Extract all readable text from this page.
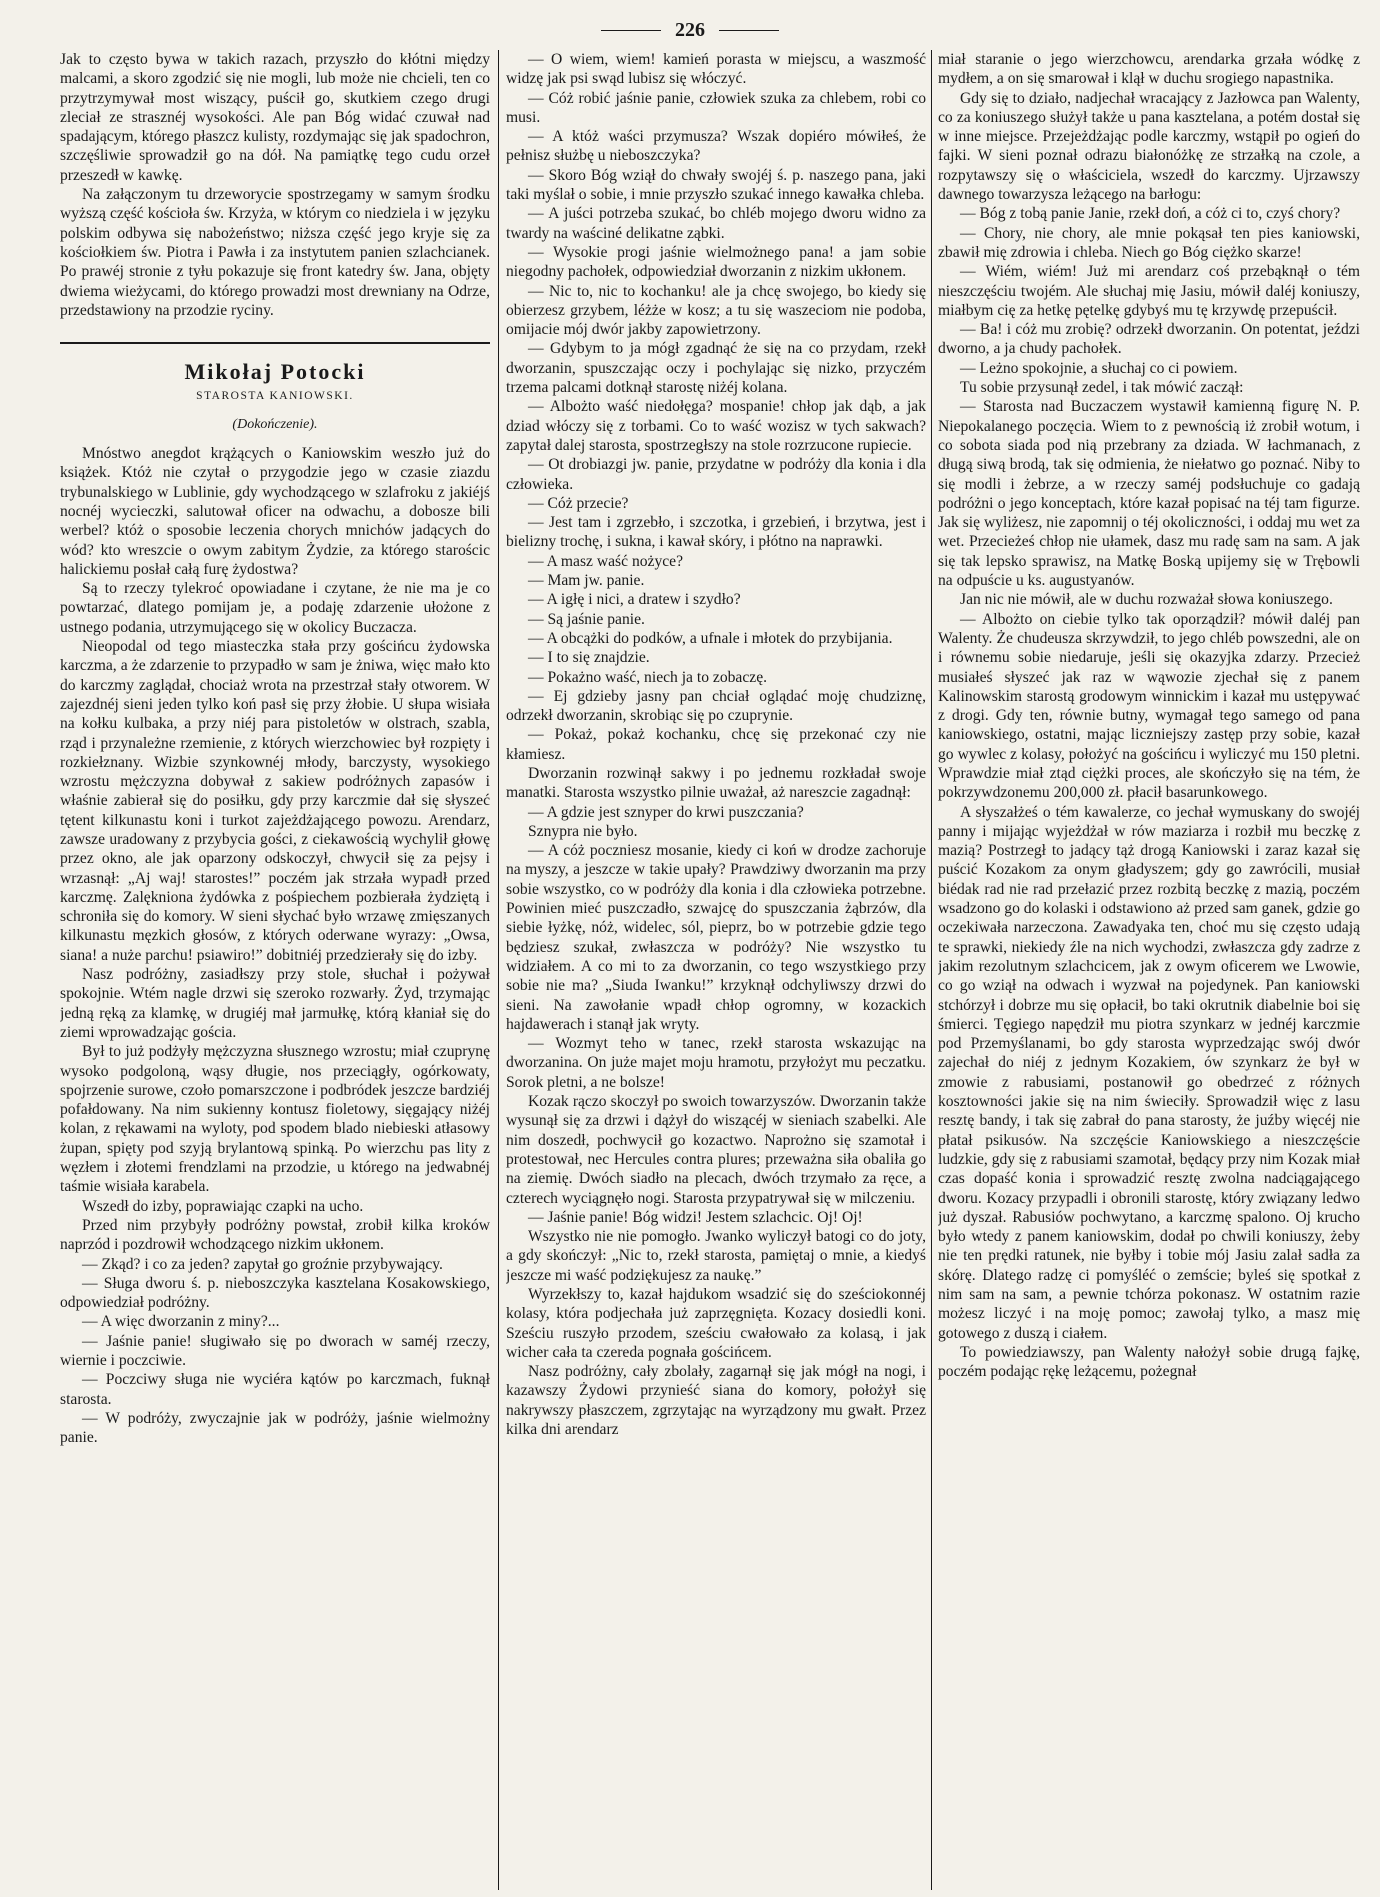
226

Jak to często bywa w takich razach, przyszło do kłótni między malcami, a skoro zgodzić się nie mogli, lub może nie chcieli, ten co przytrzymywał most wiszący, puścił go, skutkiem czego drugi zleciał ze strasznéj wysokości. Ale pan Bóg widać czuwał nad spadającym, którego płaszcz kulisty, rozdymając się jak spadochron, szczęśliwie sprowadził go na dół. Na pamiątkę tego cudu orzeł przeszedł w kawkę.

Na załączonym tu drzeworycie spostrzegamy w samym środku wyższą część kościoła św. Krzyża, w którym co niedziela i w języku polskim odbywa się nabożeństwo; niższa część jego kryje się za kościołkiem św. Piotra i Pawła i za instytutem panien szlachcianek. Po prawéj stronie z tyłu pokazuje się front katedry św. Jana, objęty dwiema wieżycami, do którego prowadzi most drewniany na Odrze, przedstawiony na przodzie ryciny.

Mikołaj Potocki
STAROSTA KANIOWSKI.
(Dokończenie).

Mnóstwo anegdot krążących o Kaniowskim weszło już do książek. Któż nie czytał o przygodzie jego w czasie ziazdu trybunalskiego w Lublinie, gdy wychodzącego w szlafroku z jakiéjś nocnéj wycieczki, salutował oficer na odwachu, a dobosze bili werbel? któż o sposobie leczenia chorych mnichów jadących do wód? kto wreszcie o owym zabitym Żydzie, za którego starościc halickiemu posłał całą furę żydostwa?

Są to rzeczy tylekroć opowiadane i czytane, że nie ma je co powtarzać, dlatego pomijam je, a podaję zdarzenie ułożone z ustnego podania, utrzymującego się w okolicy Buczacza.

Nieopodal od tego miasteczka stała przy gościńcu żydowska karczma, a że zdarzenie to przypadło w sam je żniwa, więc mało kto do karczmy zaglądał, chociaż wrota na przestrzał stały otworem. W zajezdnéj sieni jeden tylko koń pasł się przy żłobie. U słupa wisiała na kołku kulbaka, a przy niéj para pistoletów w olstrach, szabla, rząd i przynależne rzemienie, z których wierzchowiec był rozpięty i rozkiełznany. Wizbie szynkownéj młody, barczysty, wysokiego wzrostu mężczyzna dobywał z sakiew podróżnych zapasów i właśnie zabierał się do posiłku, gdy przy karczmie dał się słyszeć tętent kilkunastu koni i turkot zajeżdżającego powozu. Arendarz, zawsze uradowany z przybycia gości, z ciekawością wychylił głowę przez okno, ale jak oparzony odskoczył, chwycił się za pejsy i wrzasnął: „Aj waj! starostes!” poczém jak strzała wypadł przed karczmę. Zalękniona żydówka z pośpiechem pozbierała żydziętą i schroniła się do komory. W sieni słychać było wrzawę zmięszanych kilkunastu męzkich głosów, z których oderwane wyrazy: „Owsa, siana! a nuże parchu! psiawiro!” dobitniéj przedzierały się do izby.

Nasz podróżny, zasiadłszy przy stole, słuchał i pożywał spokojnie. Wtém nagle drzwi się szeroko rozwarły. Żyd, trzymając jedną ręką za klamkę, w drugiéj mał jarmułkę, którą kłaniał się do ziemi wprowadzając gościa.

Był to już podżyły mężczyzna słusznego wzrostu; miał czuprynę wysoko podgoloną, wąsy długie, nos przeciągły, ogórkowaty, spojrzenie surowe, czoło pomarszczone i podbródek jeszcze bardziéj pofałdowany. Na nim sukienny kontusz fioletowy, sięgający niżéj kolan, z rękawami na wyloty, pod spodem blado niebieski atłasowy żupan, spięty pod szyją brylantową spinką. Po wierzchu pas lity z węzłem i złotemi frendzlami na przodzie, u którego na jedwabnéj taśmie wisiała karabela.

Wszedł do izby, poprawiając czapki na ucho.

Przed nim przybyły podróżny powstał, zrobił kilka kroków naprzód i pozdrowił wchodzącego nizkim ukłonem.

— Zkąd? i co za jeden? zapytał go groźnie przybywający.

— Sługa dworu ś. p. nieboszczyka kasztelana Kosakowskiego, odpowiedział podróżny.

— A więc dworzanin z miny?...

— Jaśnie panie! sługiwało się po dworach w saméj rzeczy, wiernie i poczciwie.

— Poczciwy sługa nie wyciéra kątów po karczmach, fuknął starosta.

— W podróży, zwyczajnie jak w podróży, jaśnie wielmożny panie.

— O wiem, wiem! kamień porasta w miejscu, a waszmość widzę jak psi swąd lubisz się włóczyć.

— Cóż robić jaśnie panie, człowiek szuka za chlebem, robi co musi.

— A któż waści przymusza? Wszak dopiéro mówiłeś, że pełnisz służbę u nieboszczyka?

— Skoro Bóg wziął do chwały swojéj ś. p. naszego pana, jaki taki myślał o sobie, i mnie przyszło szukać innego kawałka chleba.

— A juści potrzeba szukać, bo chléb mojego dworu widno za twardy na waściné delikatne ząbki.

— Wysokie progi jaśnie wielmożnego pana! a jam sobie niegodny pachołek, odpowiedział dworzanin z nizkim ukłonem.

— Nic to, nic to kochanku! ale ja chcę swojego, bo kiedy się obierzesz grzybem, léżże w kosz; a tu się waszeciom nie podoba, omijacie mój dwór jakby zapowietrzony.

— Gdybym to ja mógł zgadnąć że się na co przydam, rzekł dworzanin, spuszczając oczy i pochylając się nizko, przyczém trzema palcami dotknął starostę niżéj kolana.

— Albożto waść niedołęga? mospanie! chłop jak dąb, a jak dziad włóczy się z torbami. Co to waść wozisz w tych sakwach? zapytał dalej starosta, spostrzegłszy na stole rozrzucone rupiecie.

— Ot drobiazgi jw. panie, przydatne w podróży dla konia i dla człowieka.

— Cóż przecie?

— Jest tam i zgrzebło, i szczotka, i grzebień, i brzytwa, jest i bielizny trochę, i sukna, i kawał skóry, i płótno na naprawki.

— A masz waść nożyce?

— Mam jw. panie.

— A igłę i nici, a dratew i szydło?

— Są jaśnie panie.

— A obcążki do podków, a ufnale i młotek do przybijania.

— I to się znajdzie.

— Pokażno waść, niech ja to zobaczę.

— Ej gdzieby jasny pan chciał oglądać moję chudziznę, odrzekł dworzanin, skrobiąc się po czuprynie.

— Pokaż, pokaż kochanku, chcę się przekonać czy nie kłamiesz.

Dworzanin rozwinął sakwy i po jednemu rozkładał swoje manatki. Starosta wszystko pilnie uważał, aż nareszcie zagadnął:

— A gdzie jest sznyper do krwi puszczania?

Sznypra nie było.

— A cóż poczniesz mosanie, kiedy ci koń w drodze zachoruje na myszy, a jeszcze w takie upały? Prawdziwy dworzanin ma przy sobie wszystko, co w podróży dla konia i dla człowieka potrzebne. Powinien mieć puszczadło, szwajcę do spuszczania żąbrzów, dla siebie łyżkę, nóż, widelec, sól, pieprz, bo w potrzebie gdzie tego będziesz szukał, zwłaszcza w podróży? Nie wszystko tu widziałem. A co mi to za dworzanin, co tego wszystkiego przy sobie nie ma? „Siuda Iwanku!” krzyknął odchyliwszy drzwi do sieni. Na zawołanie wpadł chłop ogromny, w kozackich hajdawerach i stanął jak wryty.

— Wozmyt teho w tanec, rzekł starosta wskazując na dworzanina. On juże majet moju hramotu, przyłożyt mu peczatku. Sorok pletni, a ne bolsze!

Kozak rączo skoczył po swoich towarzyszów. Dworzanin także wysunął się za drzwi i dążył do wiszącéj w sieniach szabelki. Ale nim doszedł, pochwycił go kozactwo. Naprożno się szamotał i protestował, nec Hercules contra plures; przeważna siła obaliła go na ziemię. Dwóch siadło na plecach, dwóch trzymało za ręce, a czterech wyciągnęło nogi. Starosta przypatrywał się w milczeniu.

— Jaśnie panie! Bóg widzi! Jestem szlachcic. Oj! Oj!

Wszystko nie nie pomogło. Jwanko wyliczył batogi co do joty, a gdy skończył: „Nic to, rzekł starosta, pamiętaj o mnie, a kiedyś jeszcze mi waść podziękujesz za naukę.”

Wyrzekłszy to, kazał hajdukom wsadzić się do sześciokonnéj kolasy, która podjechała już zaprzęgnięta. Kozacy dosiedli koni. Sześciu ruszyło przodem, sześciu cwałowało za kolasą, i jak wicher cała ta czereda pognała gościńcem.

Nasz podróżny, cały zbolały, zagarnął się jak mógł na nogi, i kazawszy Żydowi przynieść siana do komory, położył się nakrywszy płaszczem, zgrzytając na wyrządzony mu gwałt. Przez kilka dni arendarz

miał staranie o jego wierzchowcu, arendarka grzała wódkę z mydłem, a on się smarował i klął w duchu srogiego napastnika.

Gdy się to działo, nadjechał wracający z Jazłowca pan Walenty, co za koniuszego służył także u pana kasztelana, a potém dostał się w inne miejsce. Przejeżdżając podle karczmy, wstąpił po ogień do fajki. W sieni poznał odrazu białonóżkę ze strzałką na czole, a rozpytawszy się o właściciela, wszedł do karczmy. Ujrzawszy dawnego towarzysza leżącego na barłogu:

— Bóg z tobą panie Janie, rzekł doń, a cóż ci to, czyś chory?

— Chory, nie chory, ale mnie pokąsał ten pies kaniowski, zbawił mię zdrowia i chleba. Niech go Bóg ciężko skarze!

— Wiém, wiém! Już mi arendarz coś przebąknął o tém nieszczęściu twojém. Ale słuchaj mię Jasiu, mówił daléj koniuszy, miałbym cię za hetkę pętelkę gdybyś mu tę krzywdę przepuścił.

— Ba! i cóż mu zrobię? odrzekł dworzanin. On potentat, jeździ dworno, a ja chudy pachołek.

— Leżno spokojnie, a słuchaj co ci powiem.

Tu sobie przysunął zedel, i tak mówić zaczął:

— Starosta nad Buczaczem wystawił kamienną figurę N. P. Niepokalanego poczęcia. Wiem to z pewnością iż zrobił wotum, i co sobota siada pod nią przebrany za dziada. W łachmanach, z długą siwą brodą, tak się odmienia, że niełatwo go poznać. Niby to się modli i żebrze, a w rzeczy saméj podsłuchuje co gadają podróżni o jego konceptach, które kazał popisać na téj tam figurze. Jak się wyliżesz, nie zapomnij o téj okoliczności, i oddaj mu wet za wet. Przecieżeś chłop nie ułamek, dasz mu radę sam na sam. A jak się tak lepsko sprawisz, na Matkę Boską upijemy się w Trębowli na odpuście u ks. augustyanów.

Jan nic nie mówił, ale w duchu rozważał słowa koniuszego.

— Albożto on ciebie tylko tak oporządził? mówił daléj pan Walenty. Że chudeusza skrzywdził, to jego chléb powszedni, ale on i równemu sobie niedaruje, jeśli się okazyjka zdarzy. Przecież musiałeś słyszeć jak raz w wąwozie zjechał się z panem Kalinowskim starostą grodowym winnickim i kazał mu ustępywać z drogi. Gdy ten, równie butny, wymagał tego samego od pana kaniowskiego, ostatni, mając liczniejszy zastęp przy sobie, kazał go wywlec z kolasy, położyć na gościńcu i wyliczyć mu 150 pletni. Wprawdzie miał ztąd ciężki proces, ale skończyło się na tém, że pokrzywdzonemu 200,000 zł. płacił basarunkowego.

A słyszałżeś o tém kawalerze, co jechał wymuskany do swojéj panny i mijając wyjeżdżał w rów maziarza i rozbił mu beczkę z mazią? Postrzegł to jadący tąż drogą Kaniowski i zaraz kazał się puścić Kozakom za onym gładyszem; gdy go zawrócili, musiał biédak rad nie rad przełazić przez rozbitą beczkę z mazią, poczém wsadzono go do kolaski i odstawiono aż przed sam ganek, gdzie go oczekiwała narzeczona. Zawadyaka ten, choć mu się często udają te sprawki, niekiedy źle na nich wychodzi, zwłaszcza gdy zadrze z jakim rezolutnym szlachcicem, jak z owym oficerem we Lwowie, co go wziął na odwach i wyzwał na pojedynek. Pan kaniowski stchórzył i dobrze mu się opłacił, bo taki okrutnik diabelnie boi się śmierci. Tęgiego napędził mu piotra szynkarz w jednéj karczmie pod Przemyślanami, bo gdy starosta wyprzedzając swój dwór zajechał do niéj z jednym Kozakiem, ów szynkarz że był w zmowie z rabusiami, postanowił go obedrzeć z różnych kosztowności jakie się na nim świeciły. Sprowadził więc z lasu resztę bandy, i tak się zabrał do pana starosty, że juźby więcéj nie płatał psikusów. Na szczęście Kaniowskiego a nieszczęście ludzkie, gdy się z rabusiami szamotał, będący przy nim Kozak miał czas dopaść konia i sprowadzić resztę zwolna nadciągającego dworu. Kozacy przypadli i obronili starostę, który związany ledwo już dyszał. Rabusiów pochwytano, a karczmę spalono. Oj krucho było wtedy z panem kaniowskim, dodał po chwili koniuszy, żeby nie ten prędki ratunek, nie byłby i tobie mój Jasiu zalał sadła za skórę. Dlatego radzę ci pomyśléć o zemście; byleś się spotkał z nim sam na sam, a pewnie tchórza pokonasz. W ostatnim razie możesz liczyć i na moję pomoc; zawołaj tylko, a masz mię gotowego z duszą i ciałem.

To powiedziawszy, pan Walenty nałożył sobie drugą fajkę, poczém podając rękę leżącemu, pożegnał
